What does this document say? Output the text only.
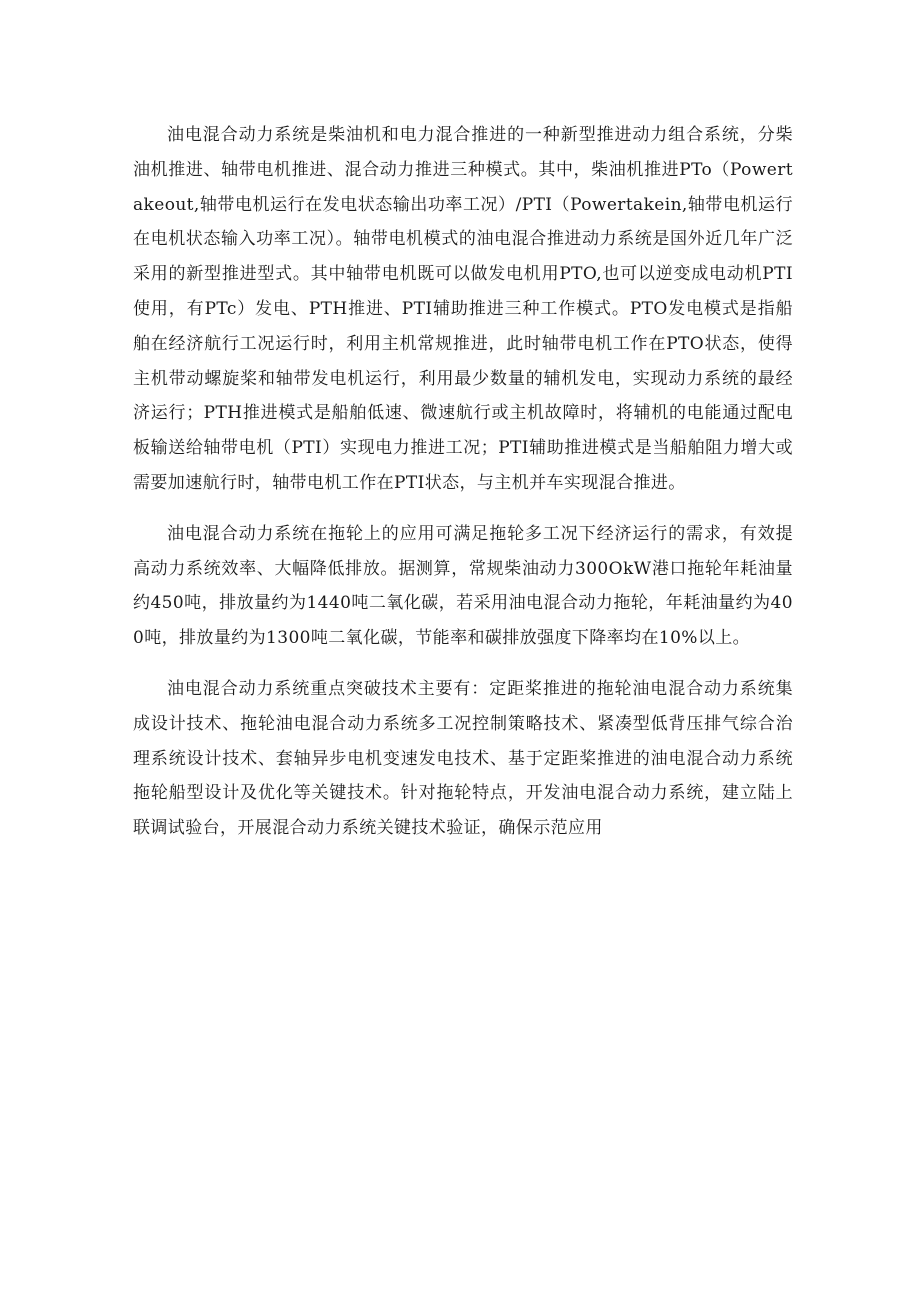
油电混合动力系统是柴油机和电力混合推进的一种新型推进动力组合系统，分柴油机推进、轴带电机推进、混合动力推进三种模式。其中，柴油机推进PTo（Powertakeout,轴带电机运行在发电状态输出功率工况）/PTI（Powertakein,轴带电机运行在电机状态输入功率工况）。轴带电机模式的油电混合推进动力系统是国外近几年广泛采用的新型推进型式。其中轴带电机既可以做发电机用PTO,也可以逆变成电动机PTI使用，有PTc）发电、PTH推进、PTI辅助推进三种工作模式。PTO发电模式是指船舶在经济航行工况运行时，利用主机常规推进，此时轴带电机工作在PTO状态，使得主机带动螺旋桨和轴带发电机运行，利用最少数量的辅机发电，实现动力系统的最经济运行；PTH推进模式是船舶低速、微速航行或主机故障时，将辅机的电能通过配电板输送给轴带电机（PTI）实现电力推进工况；PTI辅助推进模式是当船舶阻力增大或需要加速航行时，轴带电机工作在PTI状态，与主机并车实现混合推进。

油电混合动力系统在拖轮上的应用可满足拖轮多工况下经济运行的需求，有效提高动力系统效率、大幅降低排放。据测算，常规柴油动力300OkW港口拖轮年耗油量约450吨，排放量约为1440吨二氧化碳，若采用油电混合动力拖轮，年耗油量约为400吨，排放量约为1300吨二氧化碳，节能率和碳排放强度下降率均在10%以上。

油电混合动力系统重点突破技术主要有：定距桨推进的拖轮油电混合动力系统集成设计技术、拖轮油电混合动力系统多工况控制策略技术、紧凑型低背压排气综合治理系统设计技术、套轴异步电机变速发电技术、基于定距桨推进的油电混合动力系统拖轮船型设计及优化等关键技术。针对拖轮特点，开发油电混合动力系统，建立陆上联调试验台，开展混合动力系统关键技术验证，确保示范应用
